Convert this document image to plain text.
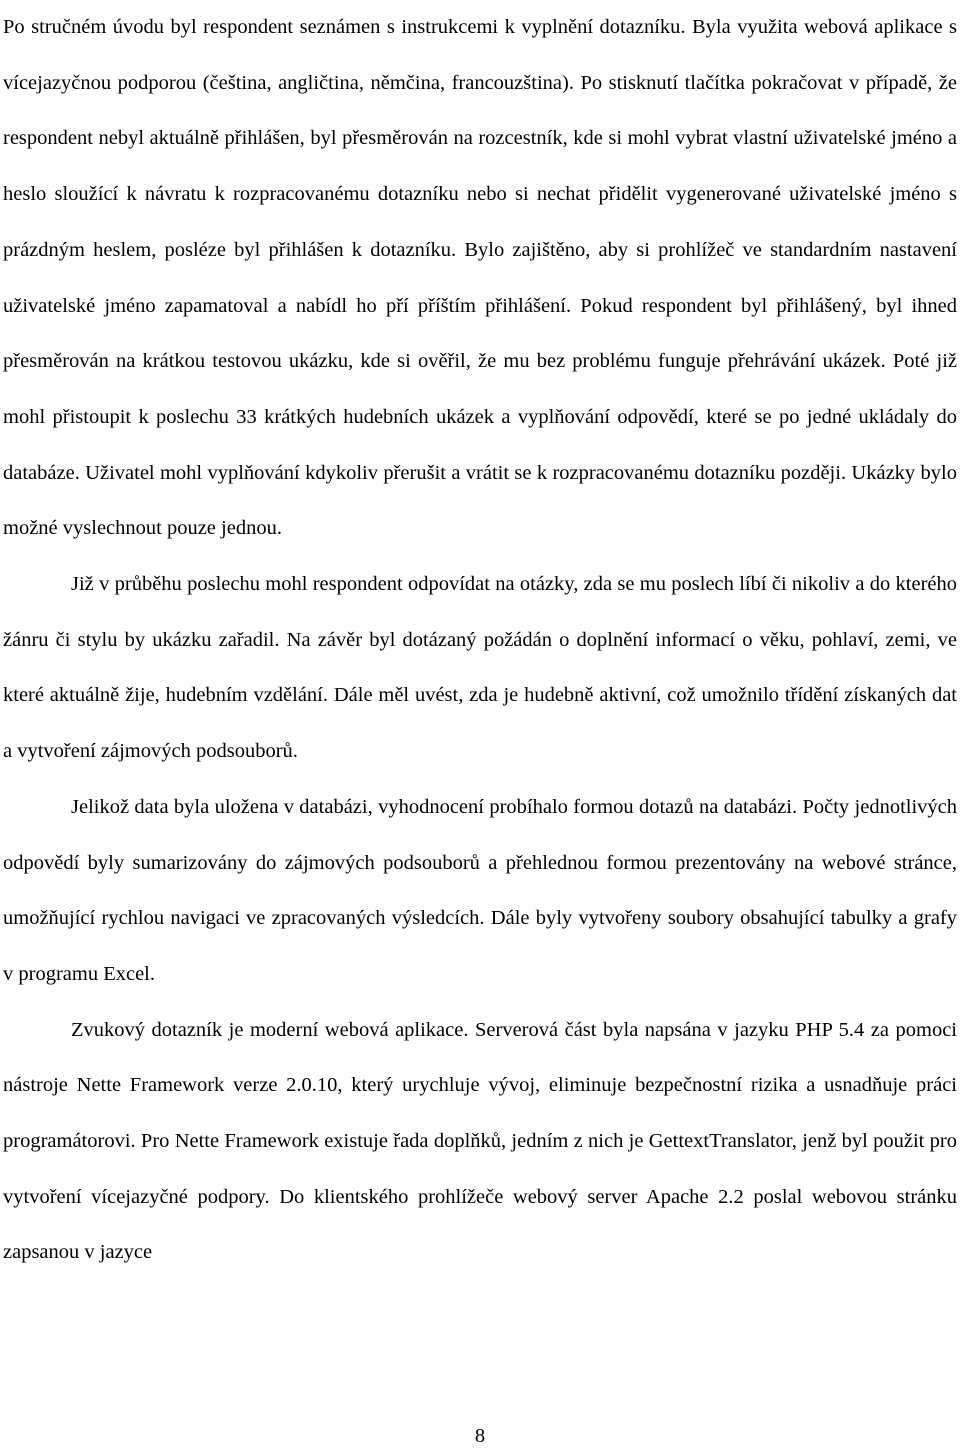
Po stručném úvodu byl respondent seznámen s instrukcemi k vyplnění dotazníku. Byla využita webová aplikace s vícejazyčnou podporou (čeština, angličtina, němčina, francouzština). Po stisknutí tlačítka pokračovat v případě, že respondent nebyl aktuálně přihlášen, byl přesměrován na rozcestník, kde si mohl vybrat vlastní uživatelské jméno a heslo sloužící k návratu k rozpracovanému dotazníku nebo si nechat přidělit vygenerované uživatelské jméno s prázdným heslem, posléze byl přihlášen k dotazníku. Bylo zajištěno, aby si prohlížeč ve standardním nastavení uživatelské jméno zapamatoval a nabídl ho pří příštím přihlášení. Pokud respondent byl přihlášený, byl ihned přesměrován na krátkou testovou ukázku, kde si ověřil, že mu bez problému funguje přehrávání ukázek. Poté již mohl přistoupit k poslechu 33 krátkých hudebních ukázek a vyplňování odpovědí, které se po jedné ukládaly do databáze. Uživatel mohl vyplňování kdykoliv přerušit a vrátit se k rozpracovanému dotazníku později. Ukázky bylo možné vyslechnout pouze jednou.

Již v průběhu poslechu mohl respondent odpovídat na otázky, zda se mu poslech líbí či nikoliv a do kterého žánru či stylu by ukázku zařadil. Na závěr byl dotázaný požádán o doplnění informací o věku, pohlaví, zemi, ve které aktuálně žije, hudebním vzdělání. Dále měl uvést, zda je hudebně aktivní, což umožnilo třídění získaných dat a vytvoření zájmových podsouborů.

Jelikož data byla uložena v databázi, vyhodnocení probíhalo formou dotazů na databázi. Počty jednotlivých odpovědí byly sumarizovány do zájmových podsouborů a přehlednou formou prezentovány na webové stránce, umožňující rychlou navigaci ve zpracovaných výsledcích. Dále byly vytvořeny soubory obsahující tabulky a grafy v programu Excel.

Zvukový dotazník je moderní webová aplikace. Serverová část byla napsána v jazyku PHP 5.4 za pomoci nástroje Nette Framework verze 2.0.10, který urychluje vývoj, eliminuje bezpečnostní rizika a usnadňuje práci programátorovi. Pro Nette Framework existuje řada doplňků, jedním z nich je GettextTranslator, jenž byl použit pro vytvoření vícejazyčné podpory. Do klientského prohlížeče webový server Apache 2.2 poslal webovou stránku zapsanou v jazyce

8
